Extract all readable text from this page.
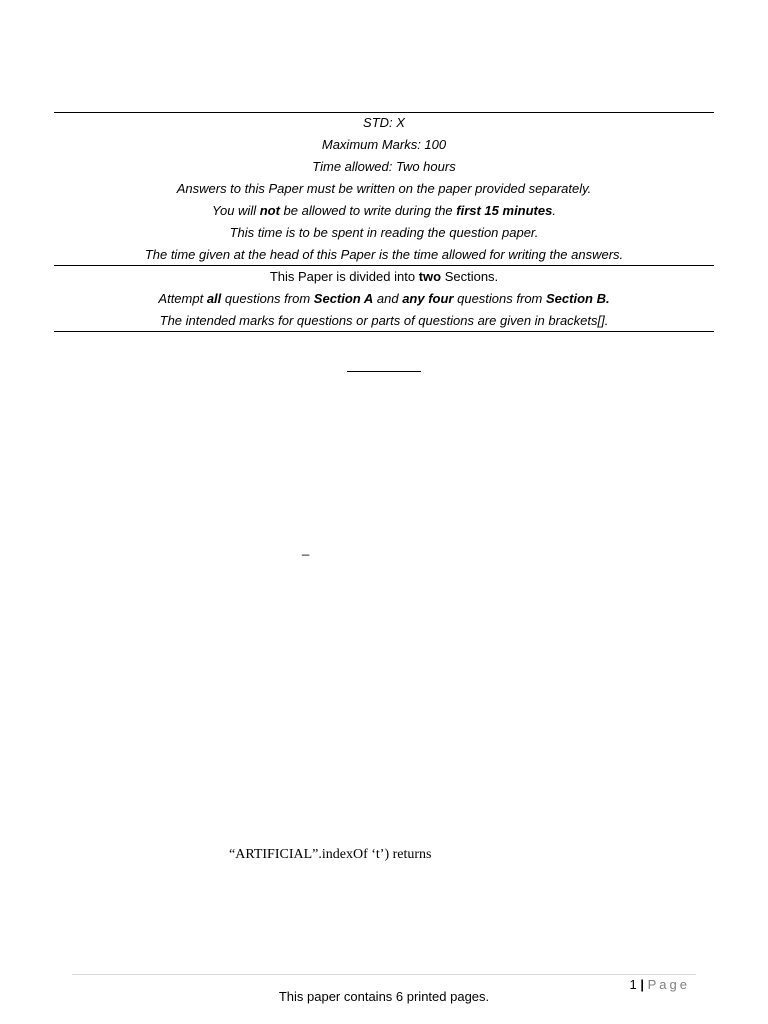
STD: X
Maximum Marks: 100
Time allowed: Two hours
Answers to this Paper must be written on the paper provided separately.
You will not be allowed to write during the first 15 minutes.
This time is to be spent in reading the question paper.
The time given at the head of this Paper is the time allowed for writing the answers.
This Paper is divided into two Sections.
Attempt all questions from Section A and any four questions from Section B.
The intended marks for questions or parts of questions are given in brackets[].
_
“ARTIFICIAL”.indexOf ‘t’) returns
1 | Page
This paper contains 6 printed pages.
